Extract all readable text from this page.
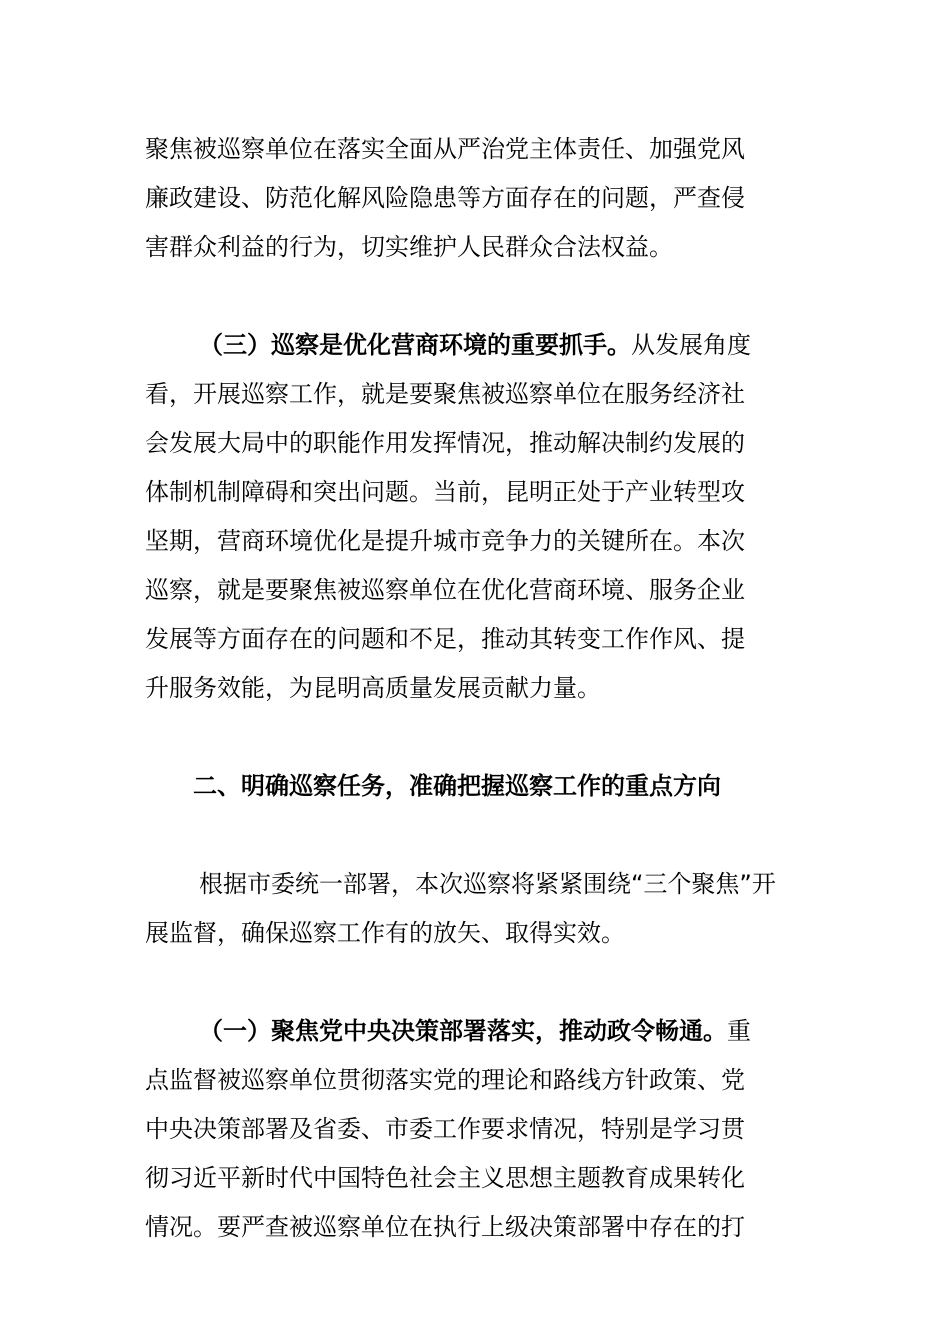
聚焦被巡察单位在落实全面从严治党主体责任、加强党风
廉政建设、防范化解风险隐患等方面存在的问题，严查侵
害群众利益的行为，切实维护人民群众合法权益。
（三）巡察是优化营商环境的重要抓手。从发展角度
看，开展巡察工作，就是要聚焦被巡察单位在服务经济社
会发展大局中的职能作用发挥情况，推动解决制约发展的
体制机制障碍和突出问题。当前，昆明正处于产业转型攻
坚期，营商环境优化是提升城市竞争力的关键所在。本次
巡察，就是要聚焦被巡察单位在优化营商环境、服务企业
发展等方面存在的问题和不足，推动其转变工作作风、提
升服务效能，为昆明高质量发展贡献力量。
二、明确巡察任务，准确把握巡察工作的重点方向
根据市委统一部署，本次巡察将紧紧围绕“三个聚焦”开
展监督，确保巡察工作有的放矢、取得实效。
（一）聚焦党中央决策部署落实，推动政令畅通。重
点监督被巡察单位贯彻落实党的理论和路线方针政策、党
中央决策部署及省委、市委工作要求情况，特别是学习贯
彻习近平新时代中国特色社会主义思想主题教育成果转化
情况。要严查被巡察单位在执行上级决策部署中存在的打
